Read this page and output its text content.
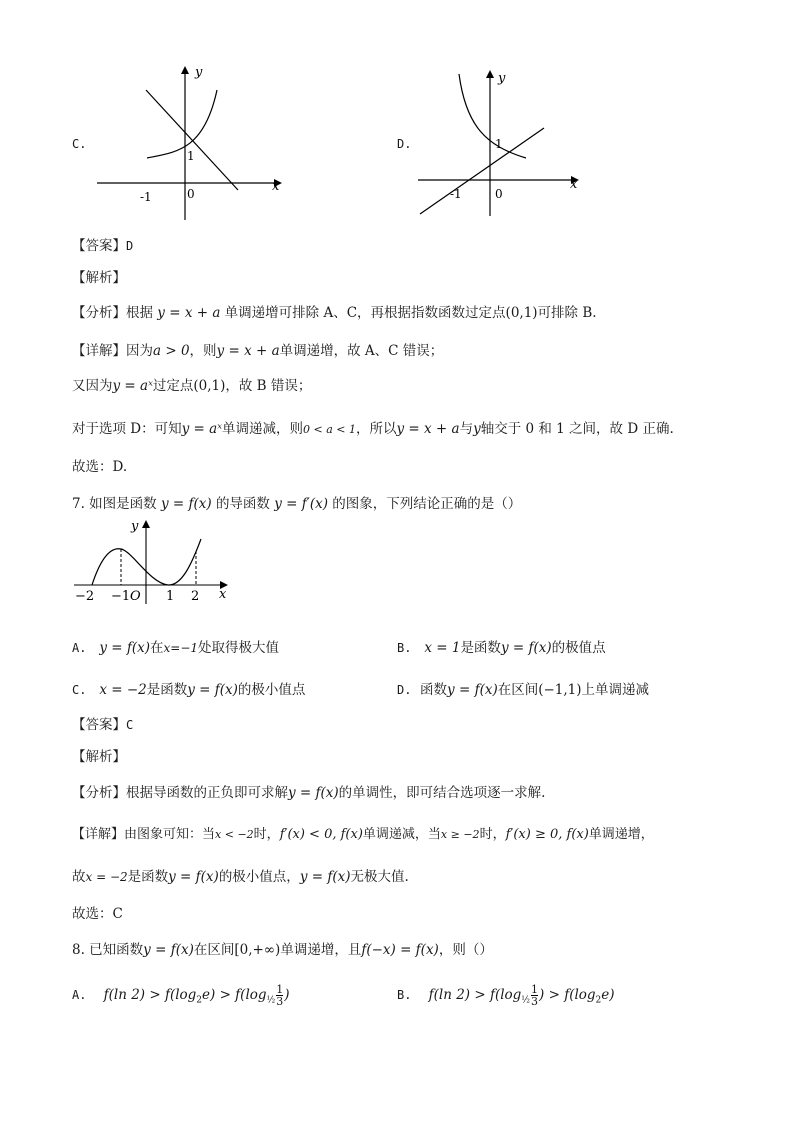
C.
y
x
1
-1	0
D.
y
x
1
-1	0
【答案】D
【解析】
【分析】根据 y = x + a 单调递增可排除 A、C，再根据指数函数过定点(0,1)可排除 B.
【详解】因为a > 0，则y = x + a单调递增，故 A、C 错误；
又因为y = aˣ过定点(0,1)，故 B 错误；
对于选项 D：可知y = aˣ单调递减，则0 < a < 1，所以y = x + a与y轴交于 0 和 1 之间，故 D 正确.
故选：D.
7. 如图是函数 y = f(x) 的导函数 y = f′(x) 的图象，下列结论正确的是（）
y
x
−2 −1 O 1 2
A. y = f(x)在x=−1处取得极大值	B. x = 1是函数y = f(x)的极值点
C. x = −2是函数y = f(x)的极小值点	D. 函数y = f(x)在区间(−1,1)上单调递减
【答案】C
【解析】
【分析】根据导函数的正负即可求解y = f(x)的单调性，即可结合选项逐一求解.
【详解】由图象可知：当x < −2时，f′(x) < 0, f(x)单调递减，当x ≥ −2时，f′(x) ≥ 0, f(x)单调递增，
故x = −2是函数y = f(x)的极小值点，y = f(x)无极大值.
故选：C
8. 已知函数y = f(x)在区间[0,+∞)单调递增，且f(−x) = f(x)，则（）
A. f(ln $2) > f(\log_2e) > f(\log_{\frac{1}{2}} \frac{1}{3}$ )	B. f(ln $2) > f(\log_{\frac{1}{2}} \frac{1}{3}$ ) > $f(\log_2e)$
